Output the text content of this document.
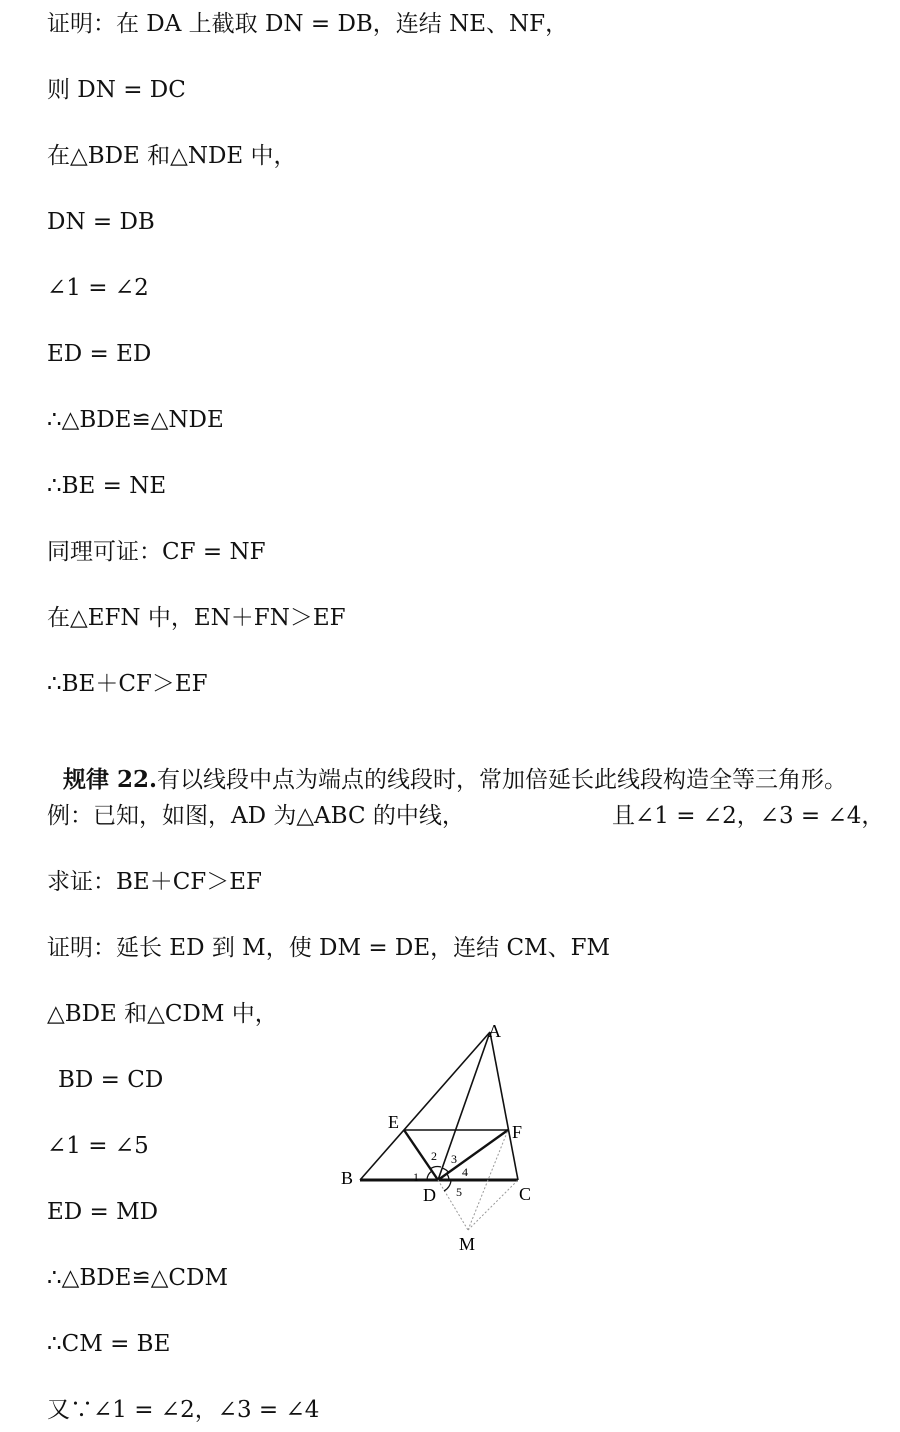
证明：在 DA 上截取 DN = DB，连结 NE、NF，
则 DN = DC
在△BDE 和△NDE 中，
DN = DB
∠1 = ∠2
ED = ED
∴△BDE≌△NDE
∴BE = NE
同理可证：CF = NF
在△EFN 中，EN＋FN＞EF
∴BE＋CF＞EF

规律 22.有以线段中点为端点的线段时，常加倍延长此线段构造全等三角形。

例：已知，如图，AD 为△ABC 的中线，	且∠1 = ∠2，∠3 = ∠4，
求证：BE＋CF＞EF
证明：延长 ED 到 M，使 DM = DE，连结 CM、FM
△BDE 和△CDM 中，
BD = CD
∠1 = ∠5
ED = MD
∴△BDE≌△CDM
∴CM = BE
又∵∠1 = ∠2，∠3 = ∠4
A
B
C
D
E	F
M
1
2 3
4
5
